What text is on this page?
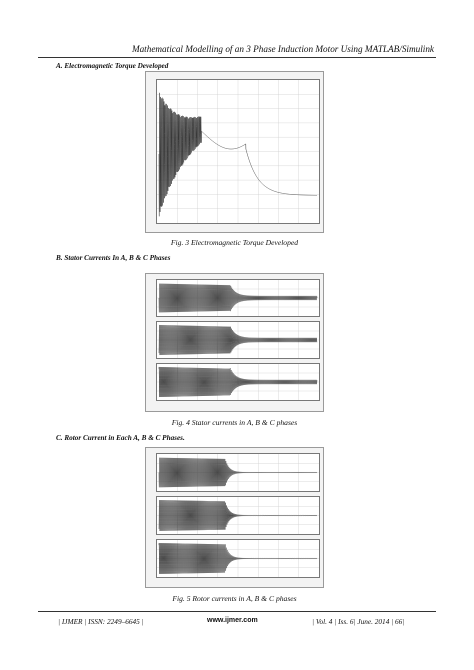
Mathematical Modelling of an 3 Phase Induction Motor Using MATLAB/Simulink
A. Electromagnetic Torque Developed
Fig. 3 Electromagnetic Torque Developed
B. Stator Currents In A, B & C Phases
Fig. 4 Stator currents in A, B & C phases
C. Rotor Current in Each A, B & C Phases.
Fig. 5 Rotor currents in A, B & C phases
| IJMER | ISSN: 2249–6645 |	www.ijmer.com	| Vol. 4 | Iss. 6| June. 2014 | 66|
